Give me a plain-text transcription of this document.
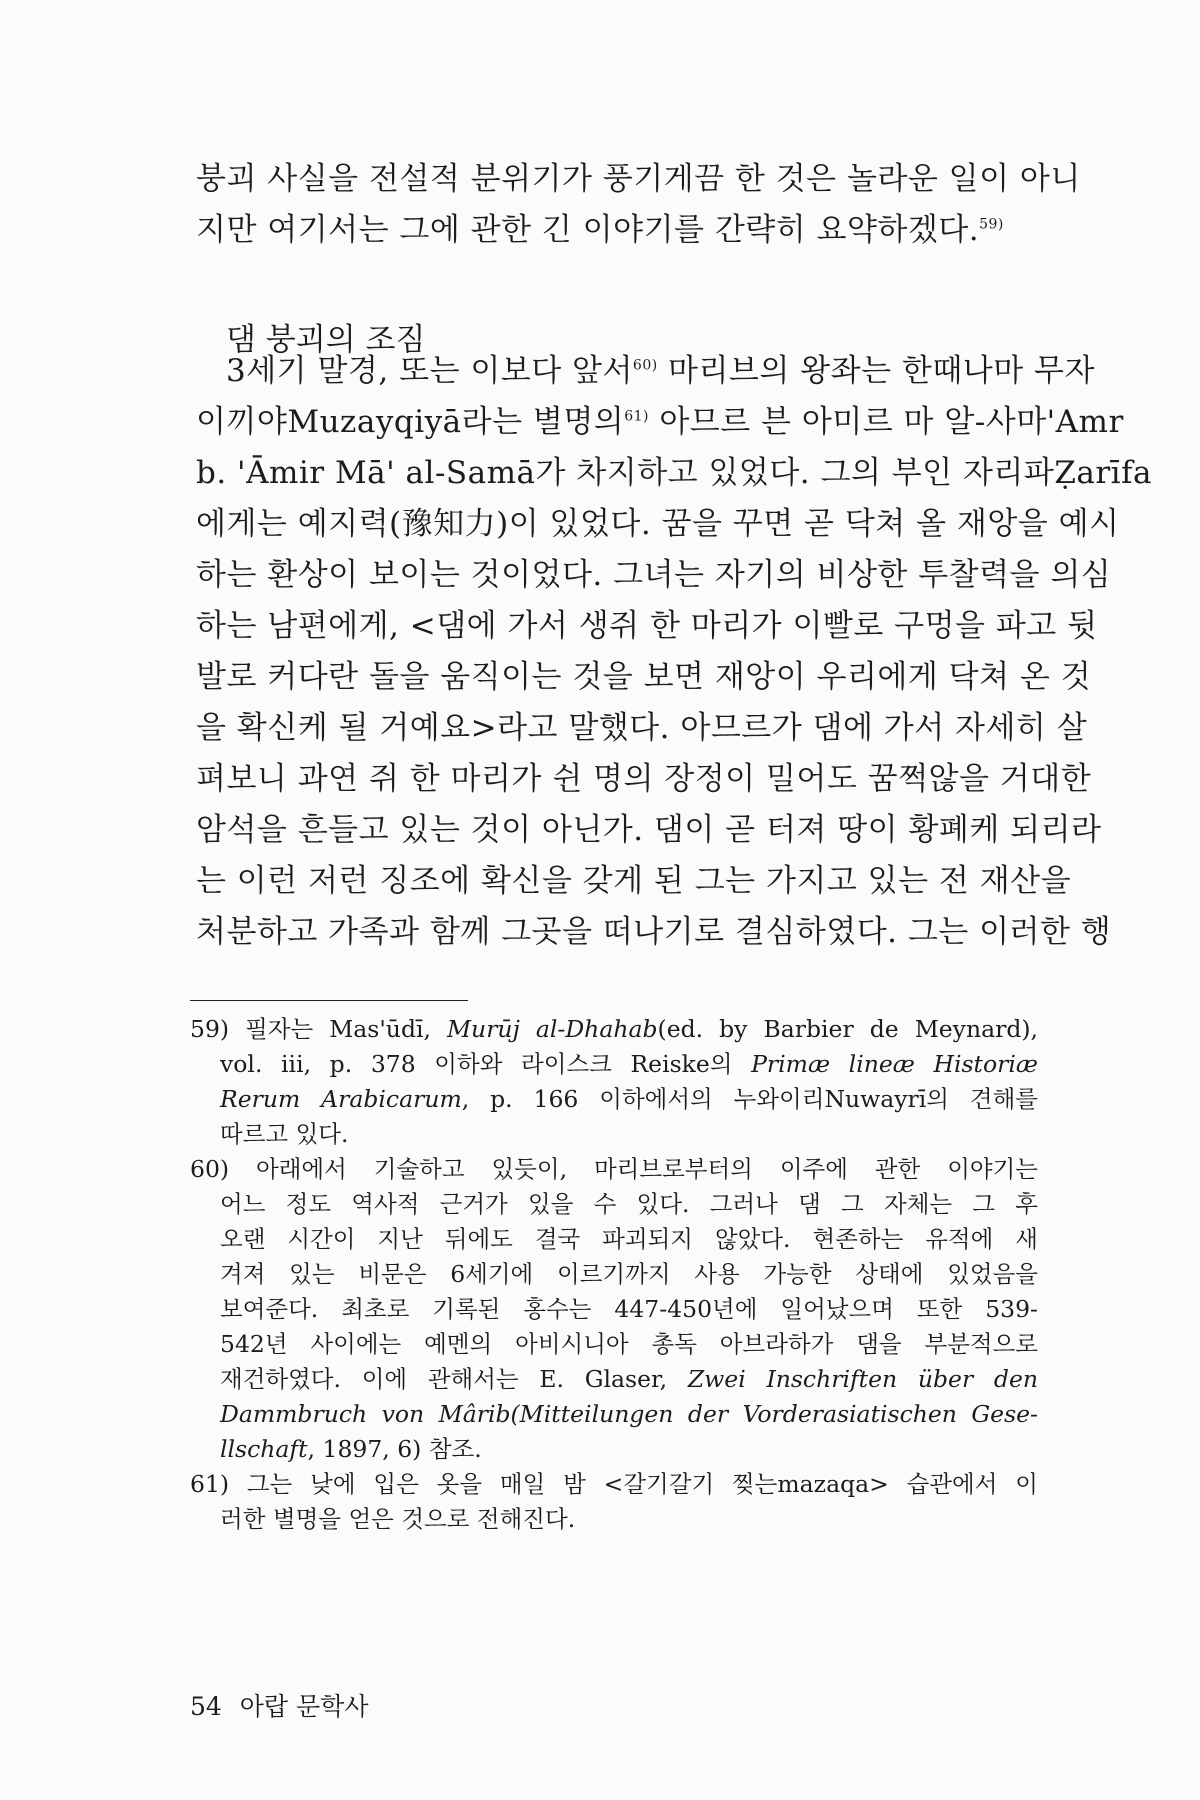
붕괴 사실을 전설적 분위기가 풍기게끔 한 것은 놀라운 일이 아니
지만 여기서는 그에 관한 긴 이야기를 간략히 요약하겠다.$^{59)}$
댐 붕괴의 조짐
3세기 말경, 또는 이보다 앞서$^{60)}$ 마리브의 왕좌는 한때나마 무자
이끼야Muzayqiyā라는 별명의$^{61)}$ 아므르 븐 아미르 마 알-사마'Amr
b. 'Āmir Mā' al-Samā가 차지하고 있었다. 그의 부인 자리파Ẓarīfa
에게는 예지력(豫知力)이 있었다. 꿈을 꾸면 곧 닥쳐 올 재앙을 예시
하는 환상이 보이는 것이었다. 그녀는 자기의 비상한 투찰력을 의심
하는 남편에게, <댐에 가서 생쥐 한 마리가 이빨로 구멍을 파고 뒷
발로 커다란 돌을 움직이는 것을 보면 재앙이 우리에게 닥쳐 온 것
을 확신케 될 거예요>라고 말했다. 아므르가 댐에 가서 자세히 살
펴보니 과연 쥐 한 마리가 쉰 명의 장정이 밀어도 꿈쩍않을 거대한
암석을 흔들고 있는 것이 아닌가. 댐이 곧 터져 땅이 황폐케 되리라
는 이런 저런 징조에 확신을 갖게 된 그는 가지고 있는 전 재산을
처분하고 가족과 함께 그곳을 떠나기로 결심하였다. 그는 이러한 행
59) 필자는 Mas'ūdī, Murūj al-Dhahab(ed. by Barbier de Meynard),
vol. iii, p. 378 이하와 라이스크 Reiske의 Primæ lineæ Historiæ
Rerum Arabicarum, p. 166 이하에서의 누와이리Nuwayrī의 견해를
따르고 있다.
60) 아래에서 기술하고 있듯이, 마리브로부터의 이주에 관한 이야기는
어느 정도 역사적 근거가 있을 수 있다. 그러나 댐 그 자체는 그 후
오랜 시간이 지난 뒤에도 결국 파괴되지 않았다. 현존하는 유적에 새
겨져 있는 비문은 6세기에 이르기까지 사용 가능한 상태에 있었음을
보여준다. 최초로 기록된 홍수는 447-450년에 일어났으며 또한 539-
542년 사이에는 예멘의 아비시니아 총독 아브라하가 댐을 부분적으로
재건하였다. 이에 관해서는 E. Glaser, Zwei Inschriften über den
Dammbruch von Mârib(Mitteilungen der Vorderasiatischen Gese-
llschaft, 1897, 6) 참조.
61) 그는 낮에 입은 옷을 매일 밤 <갈기갈기 찢는mazaqa> 습관에서 이
러한 별명을 얻은 것으로 전해진다.
54 아랍 문학사
